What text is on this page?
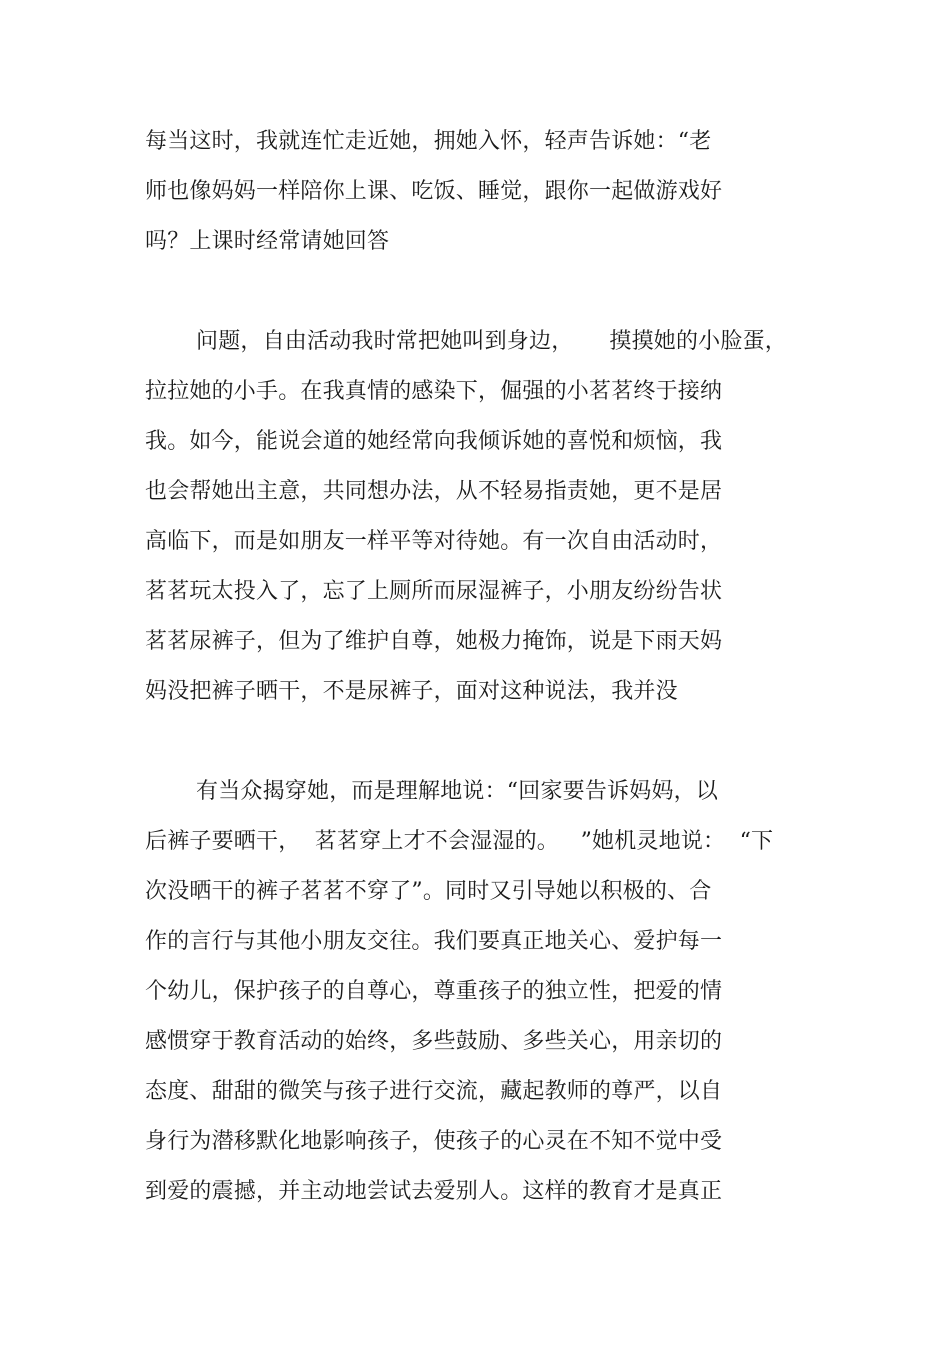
每当这时，我就连忙走近她，拥她入怀，轻声告诉她：“老

师也像妈妈一样陪你上课、吃饭、睡觉，跟你一起做游戏好

吗？上课时经常请她回答

问题，自由活动我时常把她叫到身边，     摸摸她的小脸蛋，

拉拉她的小手。在我真情的感染下，倔强的小茗茗终于接纳

我。如今，能说会道的她经常向我倾诉她的喜悦和烦恼，我

也会帮她出主意，共同想办法，从不轻易指责她，更不是居

高临下，而是如朋友一样平等对待她。有一次自由活动时，

茗茗玩太投入了，忘了上厕所而尿湿裤子，小朋友纷纷告状

茗茗尿裤子，但为了维护自尊，她极力掩饰，说是下雨天妈

妈没把裤子晒干，不是尿裤子，面对这种说法，我并没

有当众揭穿她，而是理解地说：“回家要告诉妈妈，以

后裤子要晒干，  茗茗穿上才不会湿湿的。   ”她机灵地说：  “下

次没晒干的裤子茗茗不穿了”。同时又引导她以积极的、合

作的言行与其他小朋友交往。我们要真正地关心、爱护每一

个幼儿，保护孩子的自尊心，尊重孩子的独立性，把爱的情

感惯穿于教育活动的始终，多些鼓励、多些关心，用亲切的

态度、甜甜的微笑与孩子进行交流，藏起教师的尊严，以自

身行为潜移默化地影响孩子，使孩子的心灵在不知不觉中受

到爱的震撼，并主动地尝试去爱别人。这样的教育才是真正
